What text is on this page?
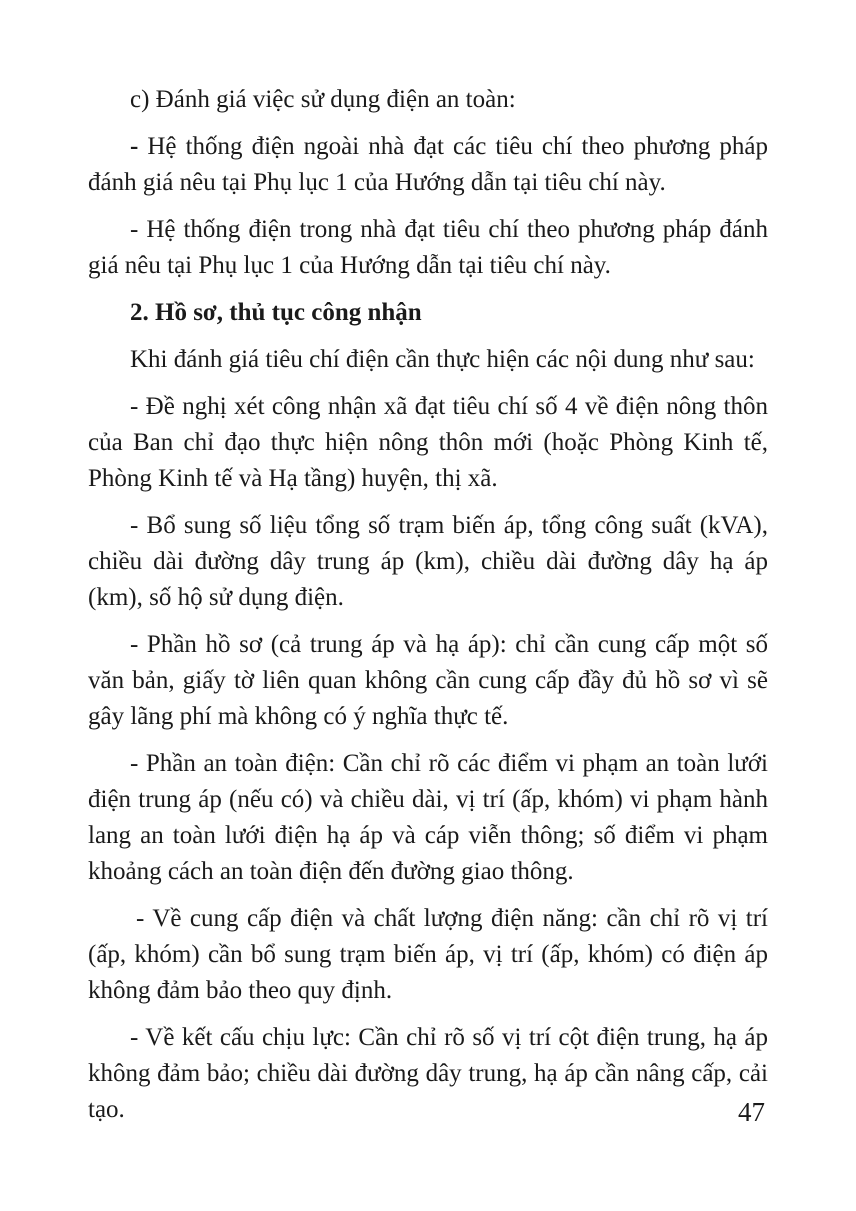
c) Đánh giá việc sử dụng điện an toàn:

- Hệ thống điện ngoài nhà đạt các tiêu chí theo phương pháp đánh giá nêu tại Phụ lục 1 của Hướng dẫn tại tiêu chí này.

- Hệ thống điện trong nhà đạt tiêu chí theo phương pháp đánh giá nêu tại Phụ lục 1 của Hướng dẫn tại tiêu chí này.

2. Hồ sơ, thủ tục công nhận

Khi đánh giá tiêu chí điện cần thực hiện các nội dung như sau:

- Đề nghị xét công nhận xã đạt tiêu chí số 4 về điện nông thôn của Ban chỉ đạo thực hiện nông thôn mới (hoặc Phòng Kinh tế, Phòng Kinh tế và Hạ tầng) huyện, thị xã.

- Bổ sung số liệu tổng số trạm biến áp, tổng công suất (kVA), chiều dài đường dây trung áp (km), chiều dài đường dây hạ áp (km), số hộ sử dụng điện.

- Phần hồ sơ (cả trung áp và hạ áp): chỉ cần cung cấp một số văn bản, giấy tờ liên quan không cần cung cấp đầy đủ hồ sơ vì sẽ gây lãng phí mà không có ý nghĩa thực tế.

- Phần an toàn điện: Cần chỉ rõ các điểm vi phạm an toàn lưới điện trung áp (nếu có) và chiều dài, vị trí (ấp, khóm) vi phạm hành lang an toàn lưới điện hạ áp và cáp viễn thông; số điểm vi phạm khoảng cách an toàn điện đến đường giao thông.

- Về cung cấp điện và chất lượng điện năng: cần chỉ rõ vị trí (ấp, khóm) cần bổ sung trạm biến áp, vị trí (ấp, khóm) có điện áp không đảm bảo theo quy định.

- Về kết cấu chịu lực: Cần chỉ rõ số vị trí cột điện trung, hạ áp không đảm bảo; chiều dài đường dây trung, hạ áp cần nâng cấp, cải tạo.	47
